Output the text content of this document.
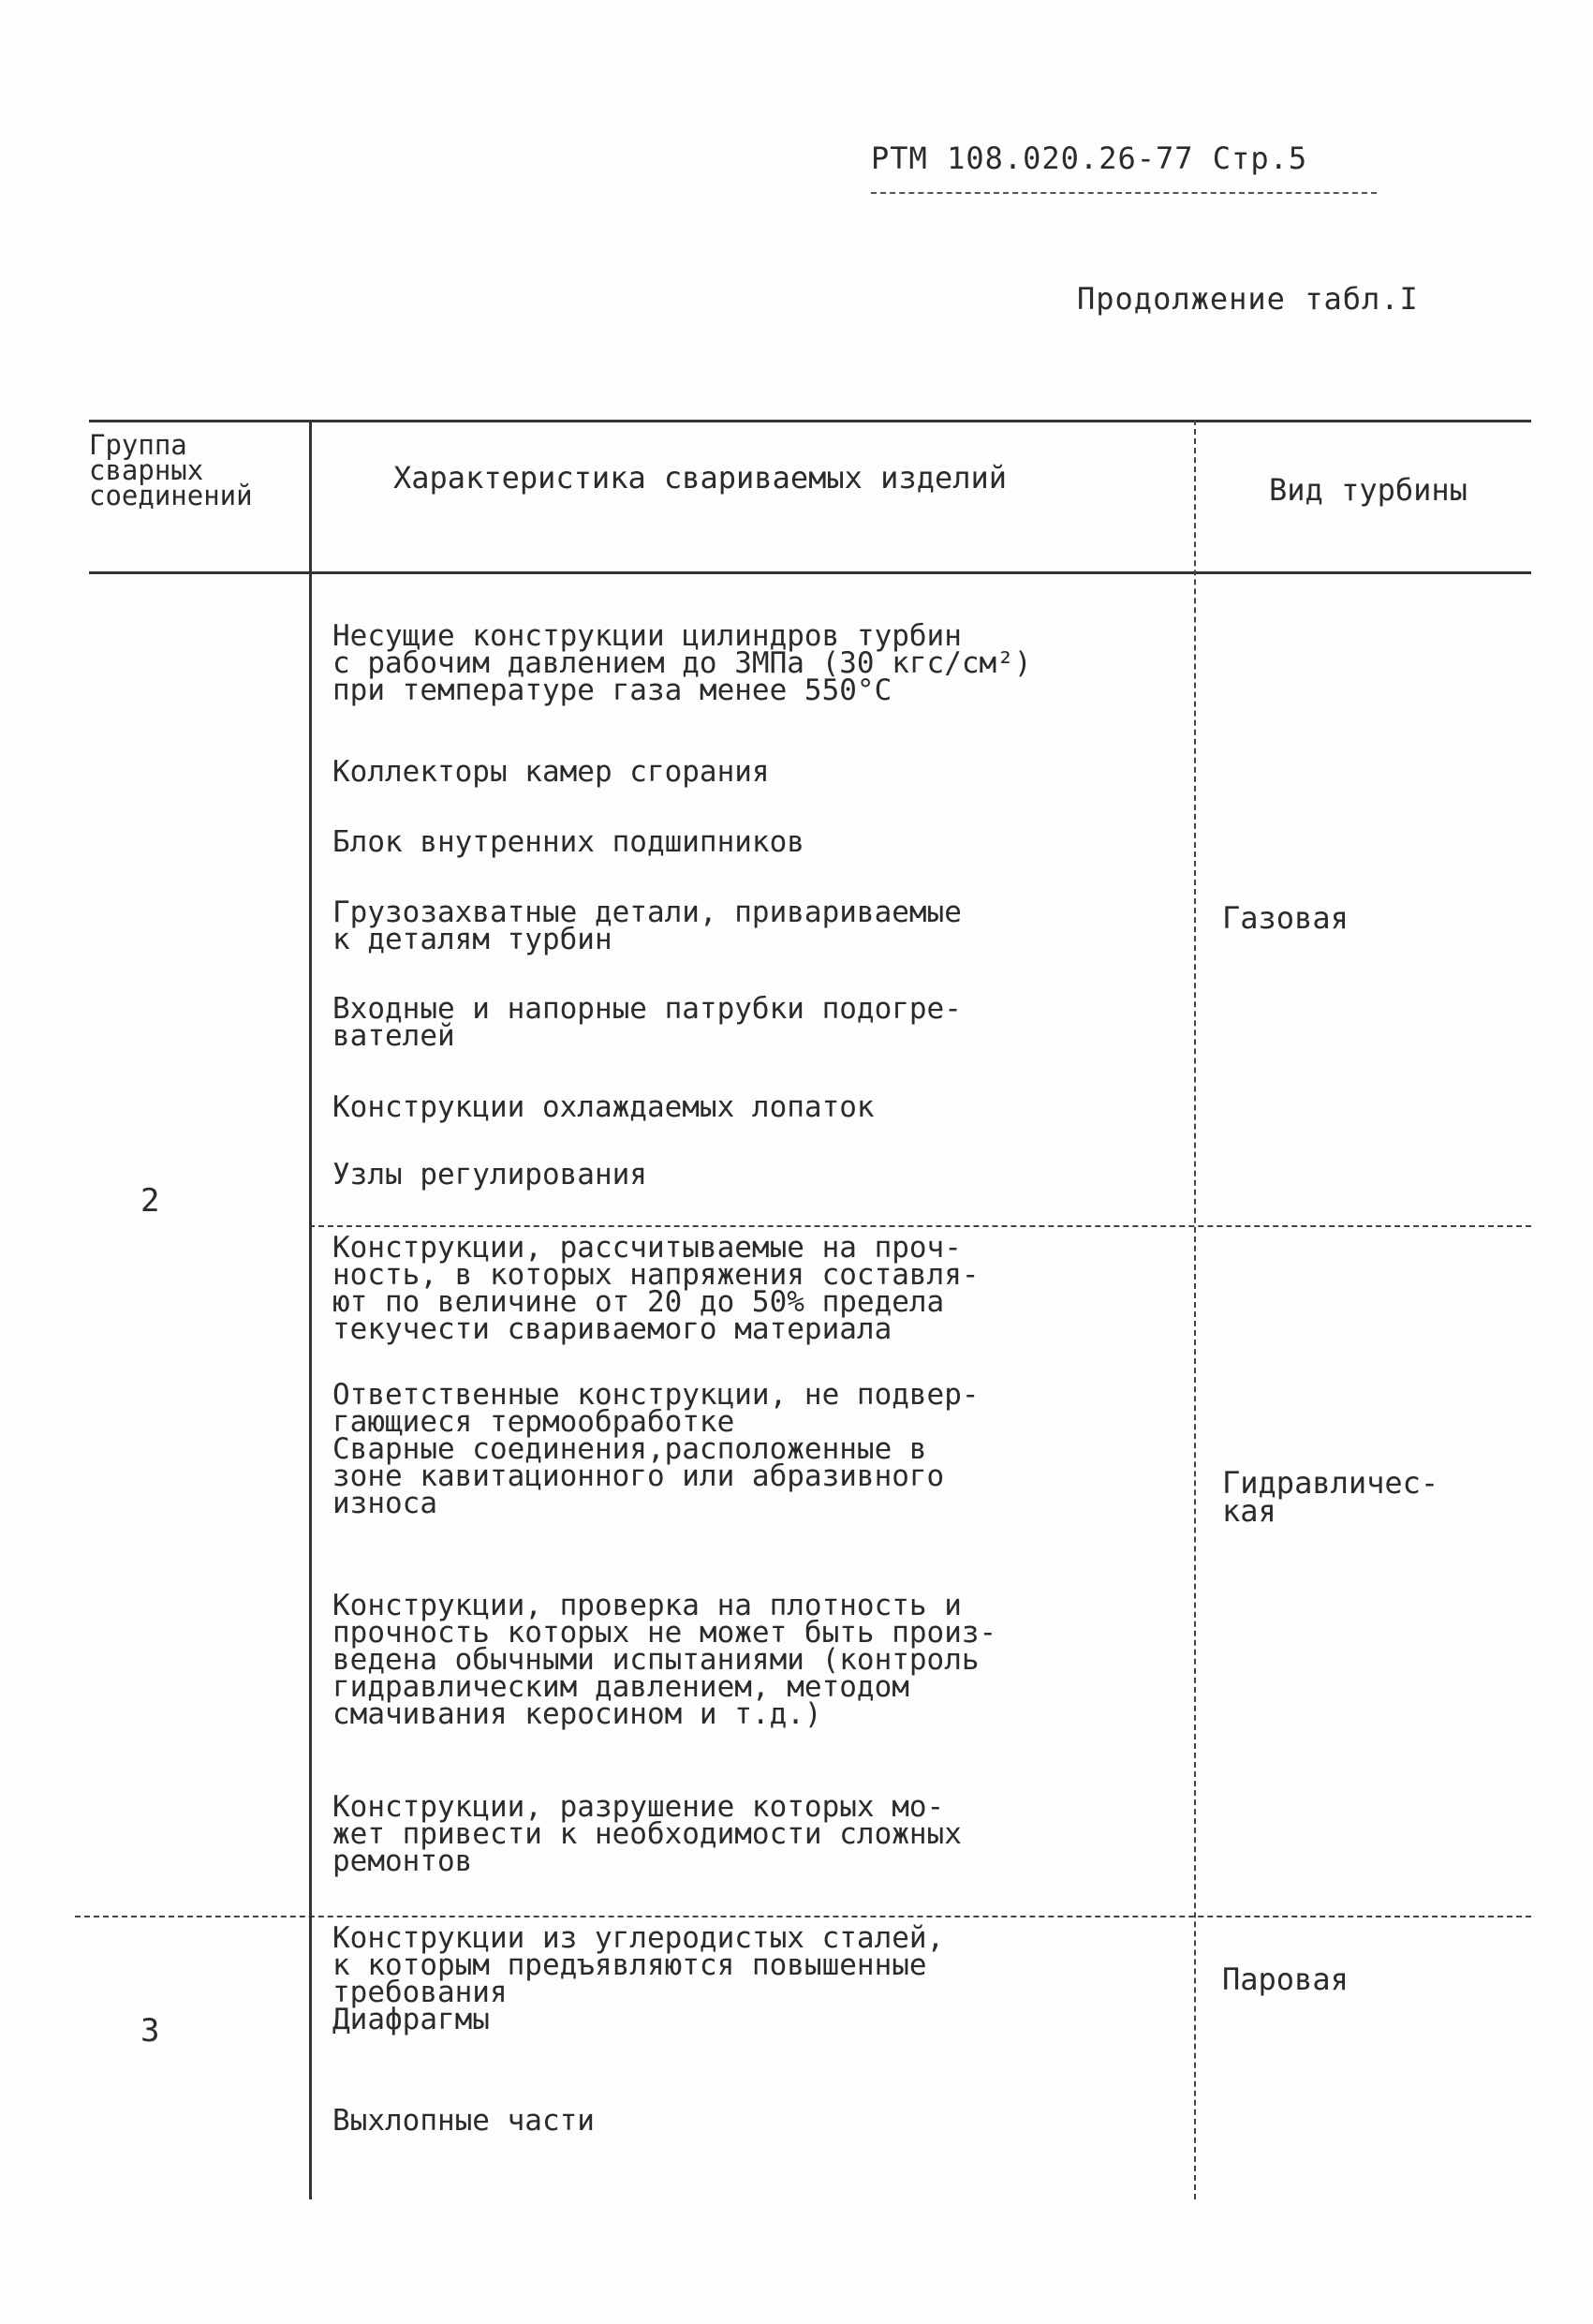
РТМ 108.020.26-77 Стр.5
Продолжение табл.I
Группа
сварных
соединений	Характеристика свариваемых изделий	Вид турбины
2
Несущие конструкции цилиндров турбин
с рабочим давлением до 3МПа (30 кгс/см²)
при температуре газа менее 550°С
Коллекторы камер сгорания
Блок внутренних подшипников
Грузозахватные детали, привариваемые
к деталям турбин
Входные и напорные патрубки подогре-
вателей
Конструкции охлаждаемых лопаток
Узлы регулирования
Газовая
Конструкции, рассчитываемые на проч-
ность, в которых напряжения составля-
ют по величине от 20 до 50% предела
текучести свариваемого материала
Ответственные конструкции, не подвер-
гающиеся термообработке
Сварные соединения,расположенные в
зоне кавитационного или абразивного
износа
Конструкции, проверка на плотность и
прочность которых не может быть произ-
ведена обычными испытаниями (контроль
гидравлическим давлением, методом
смачивания керосином и т.д.)
Конструкции, разрушение которых мо-
жет привести к необходимости сложных
ремонтов
Гидравличес-
кая
3
Конструкции из углеродистых сталей,
к которым предъявляются повышенные
требования
Диафрагмы
Выхлопные части
Паровая
